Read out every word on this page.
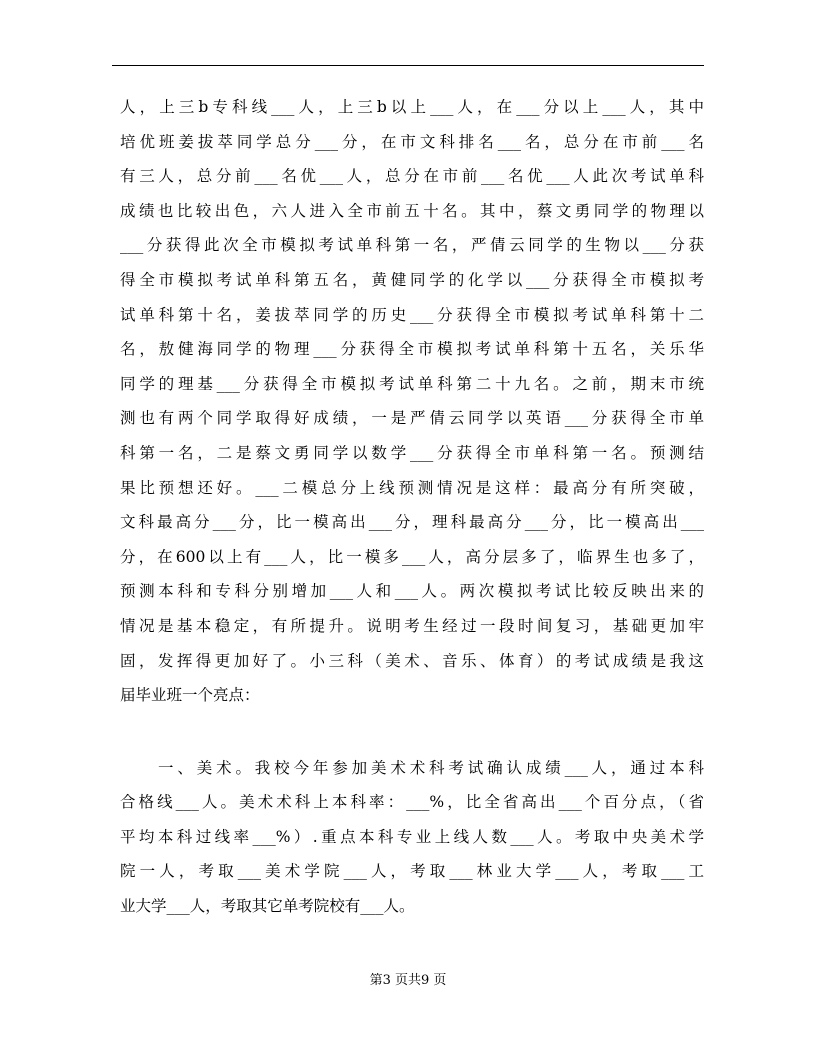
人，上三b专科线___人，上三b以上___人，在___分以上___人，其中
培优班姜拔萃同学总分___分，在市文科排名___名，总分在市前___名
有三人，总分前___名优___人，总分在市前___名优___人此次考试单科
成绩也比较出色，六人进入全市前五十名。其中，蔡文勇同学的物理以
___分获得此次全市模拟考试单科第一名，严倩云同学的生物以___分获
得全市模拟考试单科第五名，黄健同学的化学以___分获得全市模拟考
试单科第十名，姜拔萃同学的历史___分获得全市模拟考试单科第十二
名，敖健海同学的物理___分获得全市模拟考试单科第十五名，关乐华
同学的理基___分获得全市模拟考试单科第二十九名。之前，期末市统
测也有两个同学取得好成绩，一是严倩云同学以英语___分获得全市单
科第一名，二是蔡文勇同学以数学___分获得全市单科第一名。预测结
果比预想还好。___二模总分上线预测情况是这样：最高分有所突破，
文科最高分___分，比一模高出___分，理科最高分___分，比一模高出___
分，在600以上有___人，比一模多___人，高分层多了，临界生也多了，
预测本科和专科分别增加___人和___人。两次模拟考试比较反映出来的
情况是基本稳定，有所提升。说明考生经过一段时间复习，基础更加牢
固，发挥得更加好了。小三科（美术、音乐、体育）的考试成绩是我这
届毕业班一个亮点：
一、美术。我校今年参加美术术科考试确认成绩___人，通过本科
合格线___人。美术术科上本科率：___%，比全省高出___个百分点，（省
平均本科过线率___%）.重点本科专业上线人数___人。考取中央美术学
院一人，考取___美术学院___人，考取___林业大学___人，考取___工
业大学___人，考取其它单考院校有___人。
第3 页共9 页
